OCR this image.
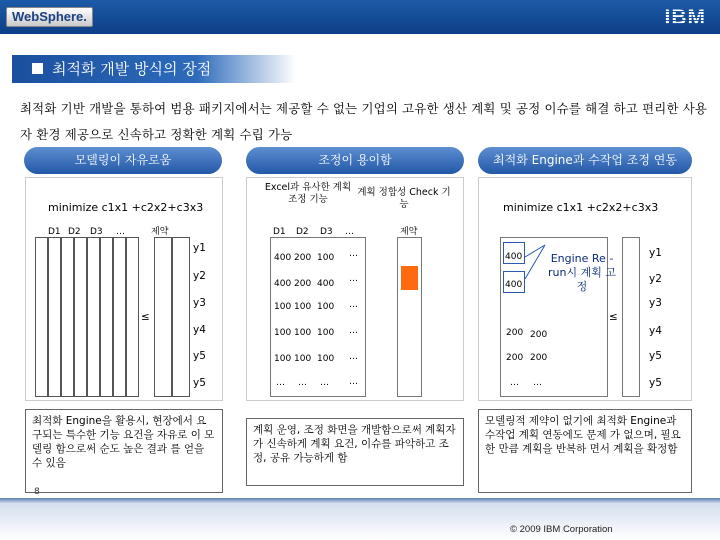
WebSphere.	IBM
최적화 개발 방식의 장점
최적화 기반 개발을 통하여 범용 패키지에서는 제공할 수 없는 기업의 고유한 생산 계획 및 공정 이슈를 해결 하고 편리한 사용자 환경 제공으로 신속하고 정확한 계획 수립 가능
모델링이 자유로움
minimize c1x1 +c2x2+c3x3
D1 D2 D3 …	제약
≤
y1
y2
y3
y4
y5
y5
조정이 용이함
Excel과 유사한 계획 조정 기능
계획 정합성 Check 기능
D1 D2 D3 …	제약
400 200 100 …
400 200 400 …
100 100 100 …
100 100 100 …
100 100 100 …
… … … …
최적화 Engine과 수작업 조정 연동
minimize c1x1 +c2x2+c3x3
Engine Re -run시 계획 고정
400
400
200 200
200 200
… …
≤
y1
y2
y3
y4
y5
y5
최적화 Engine을 활용시, 현장에서 요구되는 특수한 기능 요건을 자유로 이 모델링 함으로써 순도 높은 결과 를 얻을 수 있음
계획 운영, 조정 화면을 개발함으로써 계획자가 신속하게 계획 요건, 이슈를 파악하고 조정, 공유 가능하게 함
모델링적 제약이 없기에 최적화 Engine과 수작업 계획 연동에도 문제 가 없으며, 필요한 만큼 계획을 반복하 면서 계획을 확정함
8
© 2009 IBM Corporation
